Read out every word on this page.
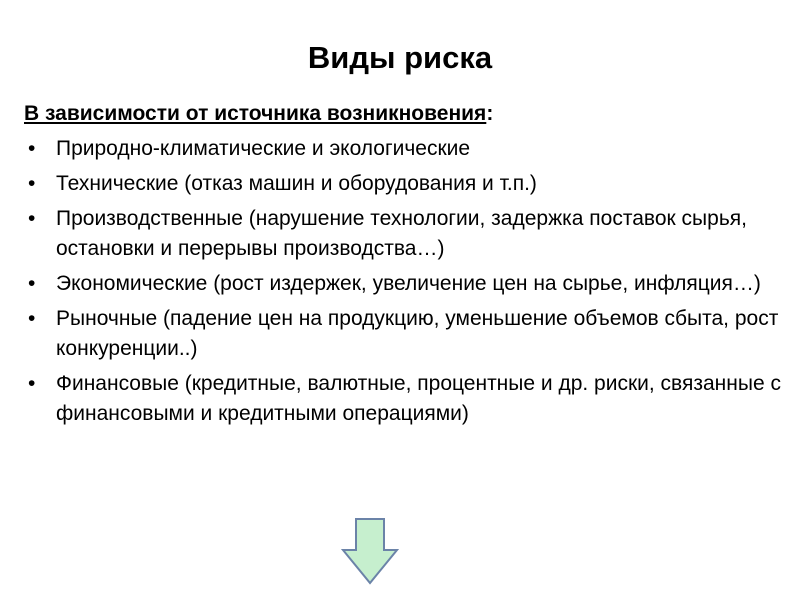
Виды риска
В зависимости от источника возникновения:
• Природно-климатические и экологические
• Технические (отказ машин и оборудования и т.п.)
• Производственные (нарушение технологии, задержка поставок сырья, остановки и перерывы производства…)
• Экономические (рост издержек, увеличение цен на сырье, инфляция…)
• Рыночные (падение цен на продукцию, уменьшение объемов сбыта, рост конкуренции..)
• Финансовые (кредитные, валютные, процентные и др. риски, связанные с финансовыми и кредитными операциями)
